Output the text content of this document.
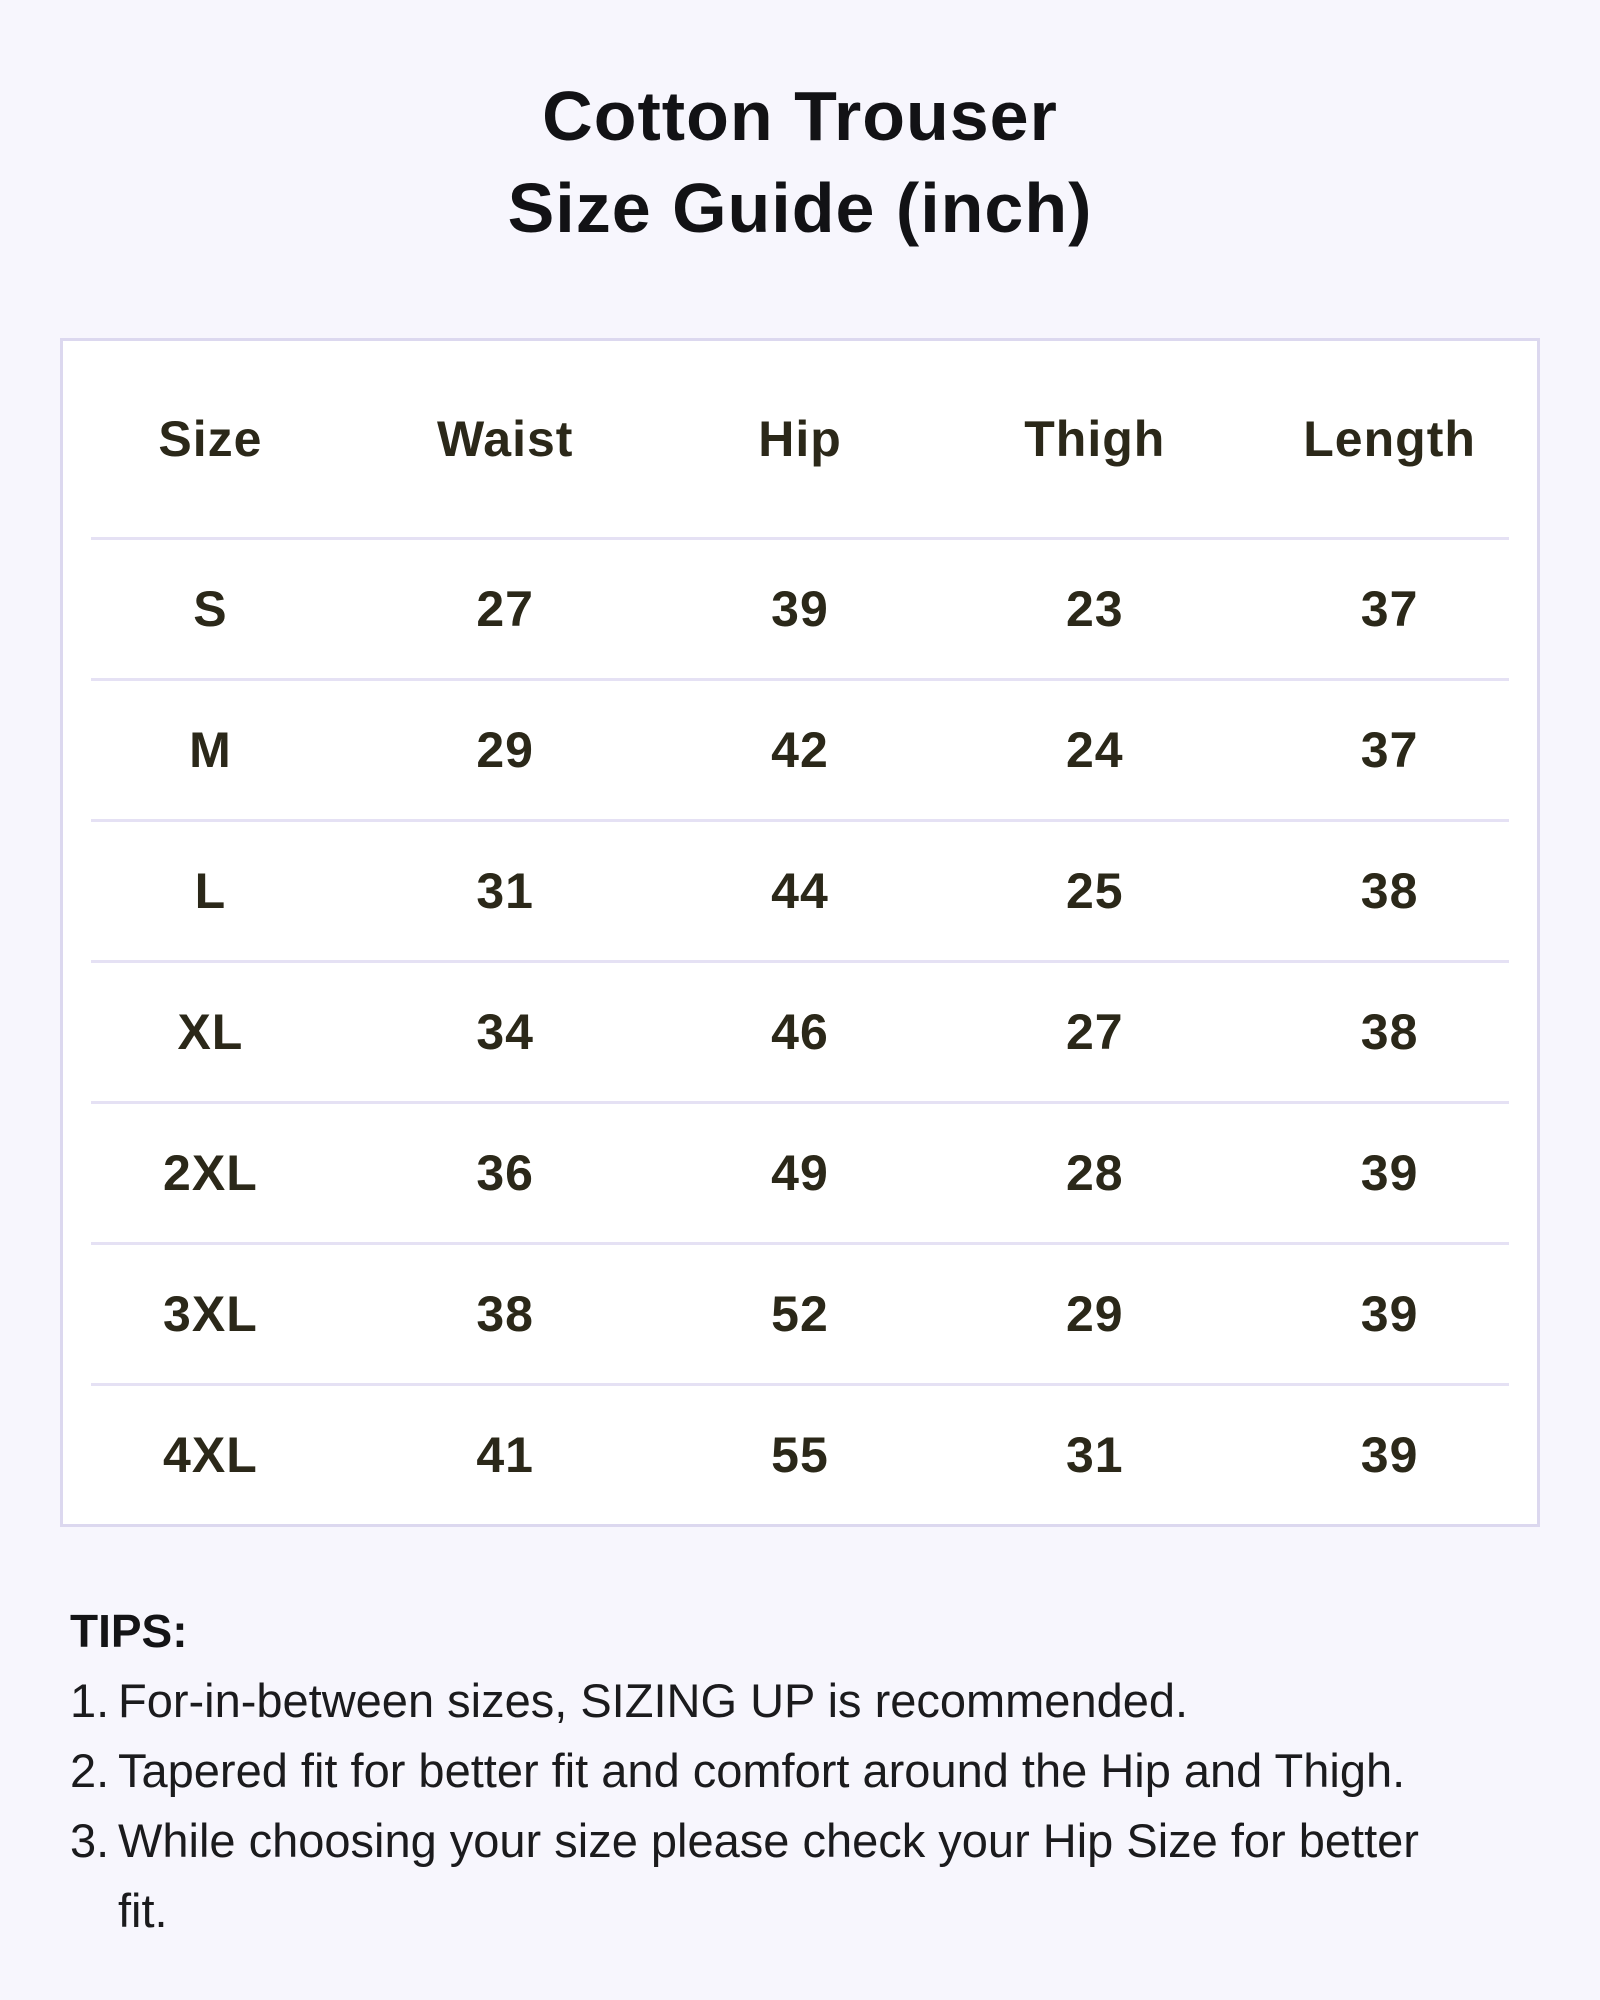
Cotton Trouser
Size Guide (inch)
Size	Waist	Hip	Thigh	Length
S	27	39	23	37
M	29	42	24	37
L	31	44	25	38
XL	34	46	27	38
2XL	36	49	28	39
3XL	38	52	29	39
4XL	41	55	31	39
TIPS:
1. For-in-between sizes, SIZING UP is recommended.
2. Tapered fit for better fit and comfort around the Hip and Thigh.
3. While choosing your size please check your Hip Size for better fit.
